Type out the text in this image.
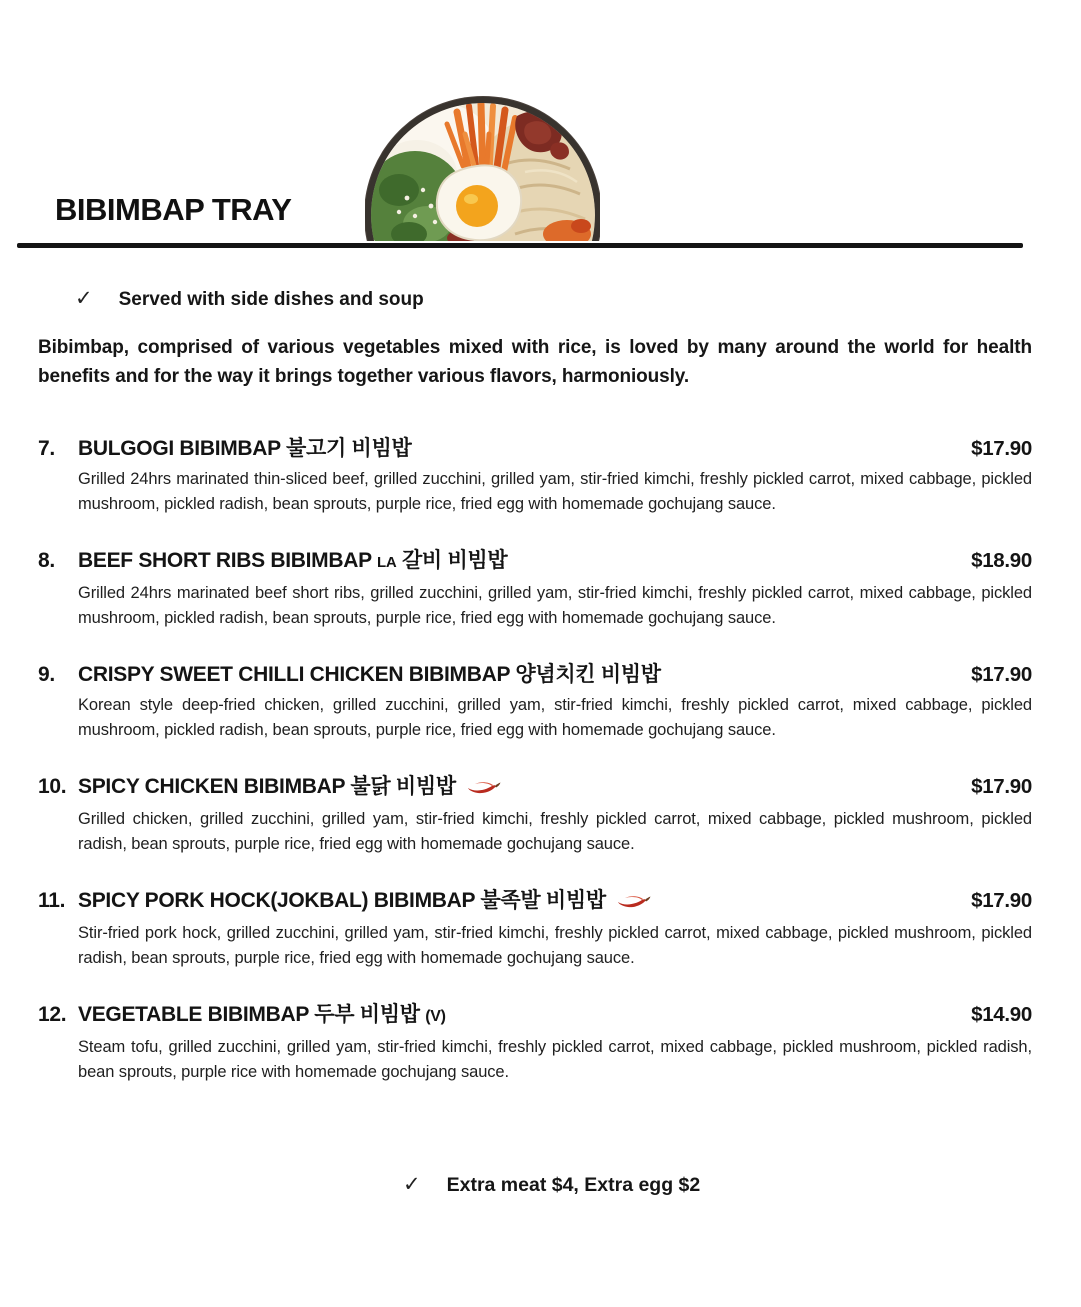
BIBIMBAP TRAY
✓ Served with side dishes and soup

Bibimbap, comprised of various vegetables mixed with rice, is loved by many around the world for health benefits and for the way it brings together various flavors, harmoniously.

7.	BULGOGI BIBIMBAP 불고기 비빔밥	$17.90

Grilled 24hrs marinated thin-sliced beef, grilled zucchini, grilled yam, stir-fried kimchi, freshly pickled carrot, mixed cabbage, pickled mushroom, pickled radish, bean sprouts, purple rice, fried egg with homemade gochujang sauce.

8.	BEEF SHORT RIBS BIBIMBAP LA 갈비 비빔밥	$18.90

Grilled 24hrs marinated beef short ribs, grilled zucchini, grilled yam, stir-fried kimchi, freshly pickled carrot, mixed cabbage, pickled mushroom, pickled radish, bean sprouts, purple rice, fried egg with homemade gochujang sauce.

9.	CRISPY SWEET CHILLI CHICKEN BIBIMBAP 양념치킨 비빔밥	$17.90

Korean style deep-fried chicken, grilled zucchini, grilled yam, stir-fried kimchi, freshly pickled carrot, mixed cabbage, pickled mushroom, pickled radish, bean sprouts, purple rice, fried egg with homemade gochujang sauce.

10. SPICY CHICKEN BIBIMBAP 불닭 비빔밥	$17.90

Grilled chicken, grilled zucchini, grilled yam, stir-fried kimchi, freshly pickled carrot, mixed cabbage, pickled mushroom, pickled radish, bean sprouts, purple rice, fried egg with homemade gochujang sauce.

11. SPICY PORK HOCK(JOKBAL) BIBIMBAP 불족발 비빔밥	$17.90

Stir-fried pork hock, grilled zucchini, grilled yam, stir-fried kimchi, freshly pickled carrot, mixed cabbage, pickled mushroom, pickled radish, bean sprouts, purple rice, fried egg with homemade gochujang sauce.

12. VEGETABLE BIBIMBAP 두부 비빔밥 (V)	$14.90

Steam tofu, grilled zucchini, grilled yam, stir-fried kimchi, freshly pickled carrot, mixed cabbage, pickled mushroom, pickled radish, bean sprouts, purple rice with homemade gochujang sauce.

✓ Extra meat $4, Extra egg $2
